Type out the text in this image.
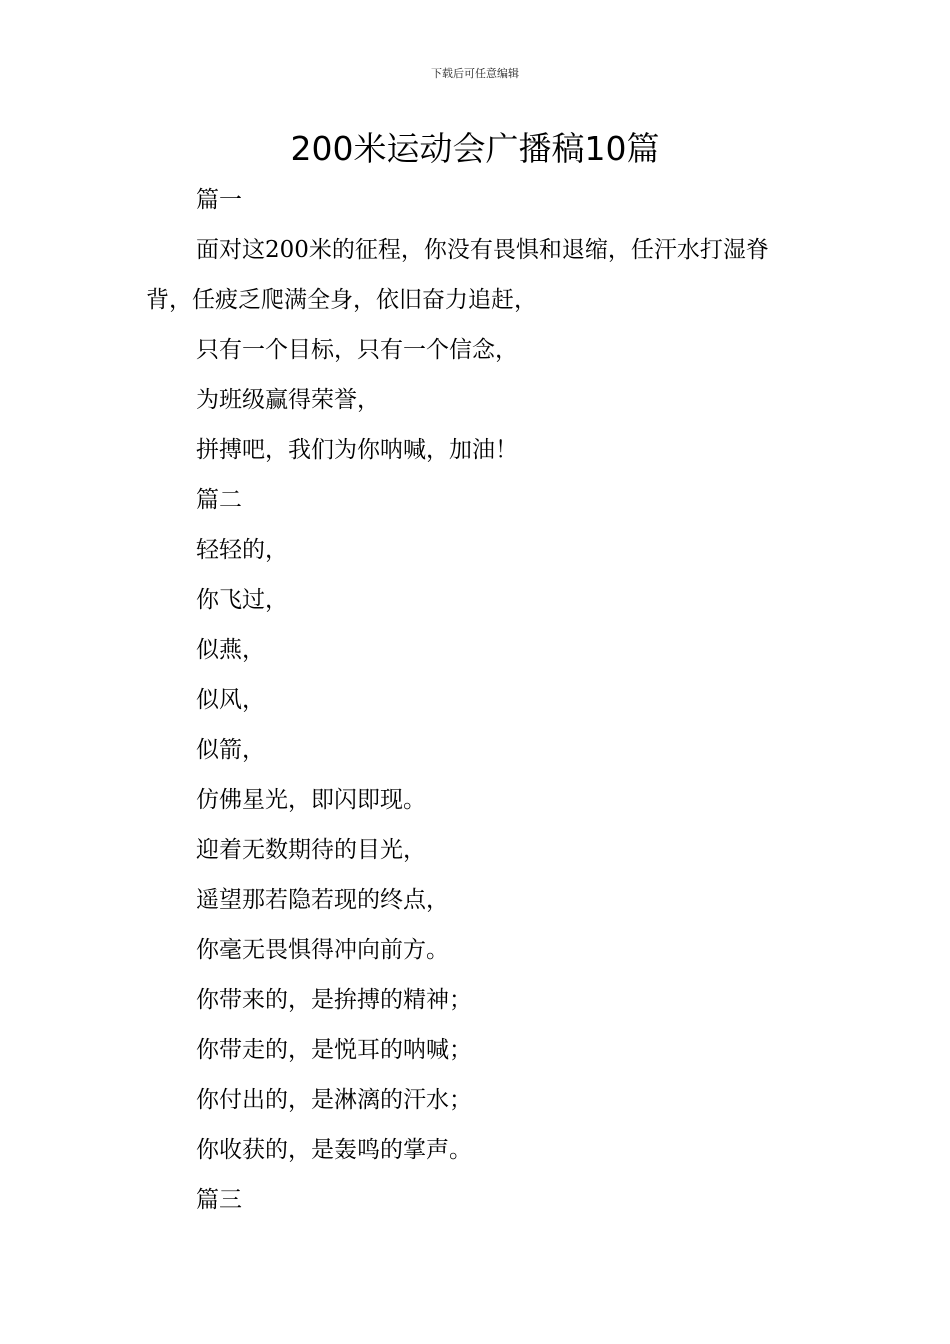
下载后可任意编辑
200米运动会广播稿10篇

篇一

面对这200米的征程，你没有畏惧和退缩，任汗水打湿脊背，任疲乏爬满全身，依旧奋力追赶，

只有一个目标，只有一个信念，

为班级赢得荣誉，

拼搏吧，我们为你呐喊，加油！

篇二

轻轻的，

你飞过，

似燕，

似风，

似箭，

仿佛星光，即闪即现。

迎着无数期待的目光，

遥望那若隐若现的终点，

你毫无畏惧得冲向前方。

你带来的，是拚搏的精神；

你带走的，是悦耳的呐喊；

你付出的，是淋漓的汗水；

你收获的，是轰鸣的掌声。

篇三
